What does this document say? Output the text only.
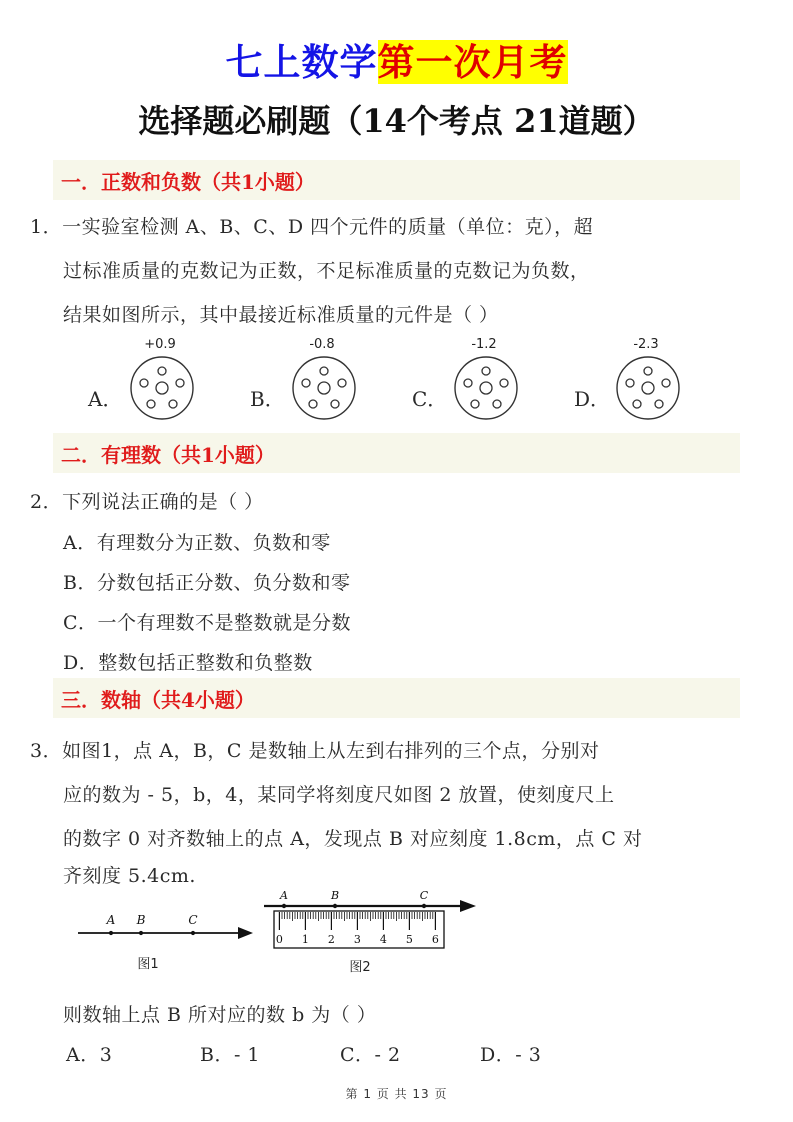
七上数学第一次月考
选择题必刷题（14个考点 21道题）
一．正数和负数（共1小题）
1．一实验室检测 A、B、C、D 四个元件的质量（单位：克），超
过标准质量的克数记为正数，不足标准质量的克数记为负数，
结果如图所示，其中最接近标准质量的元件是（ ）
+0.9
A．
-0.8
B．
-1.2
C．
-2.3
D．
二．有理数（共1小题）
2．下列说法正确的是（ ）
A．有理数分为正数、负数和零
B．分数包括正分数、负分数和零
C．一个有理数不是整数就是分数
D．整数包括正整数和负整数
三．数轴（共4小题）
3．如图1，点 A，B，C 是数轴上从左到右排列的三个点，分别对
应的数为 - 5，b，4，某同学将刻度尺如图 2 放置，使刻度尺上
的数字 0 对齐数轴上的点 A，发现点 B 对应刻度 1.8cm，点 C 对
齐刻度 5.4cm.
A B	C
图1
A	B	C
0 1 2 3 4 5 6
图2
则数轴上点 B 所对应的数 b 为（ ）
A．3	B．- 1	C．- 2	D．- 3
第 1 页 共 13 页
